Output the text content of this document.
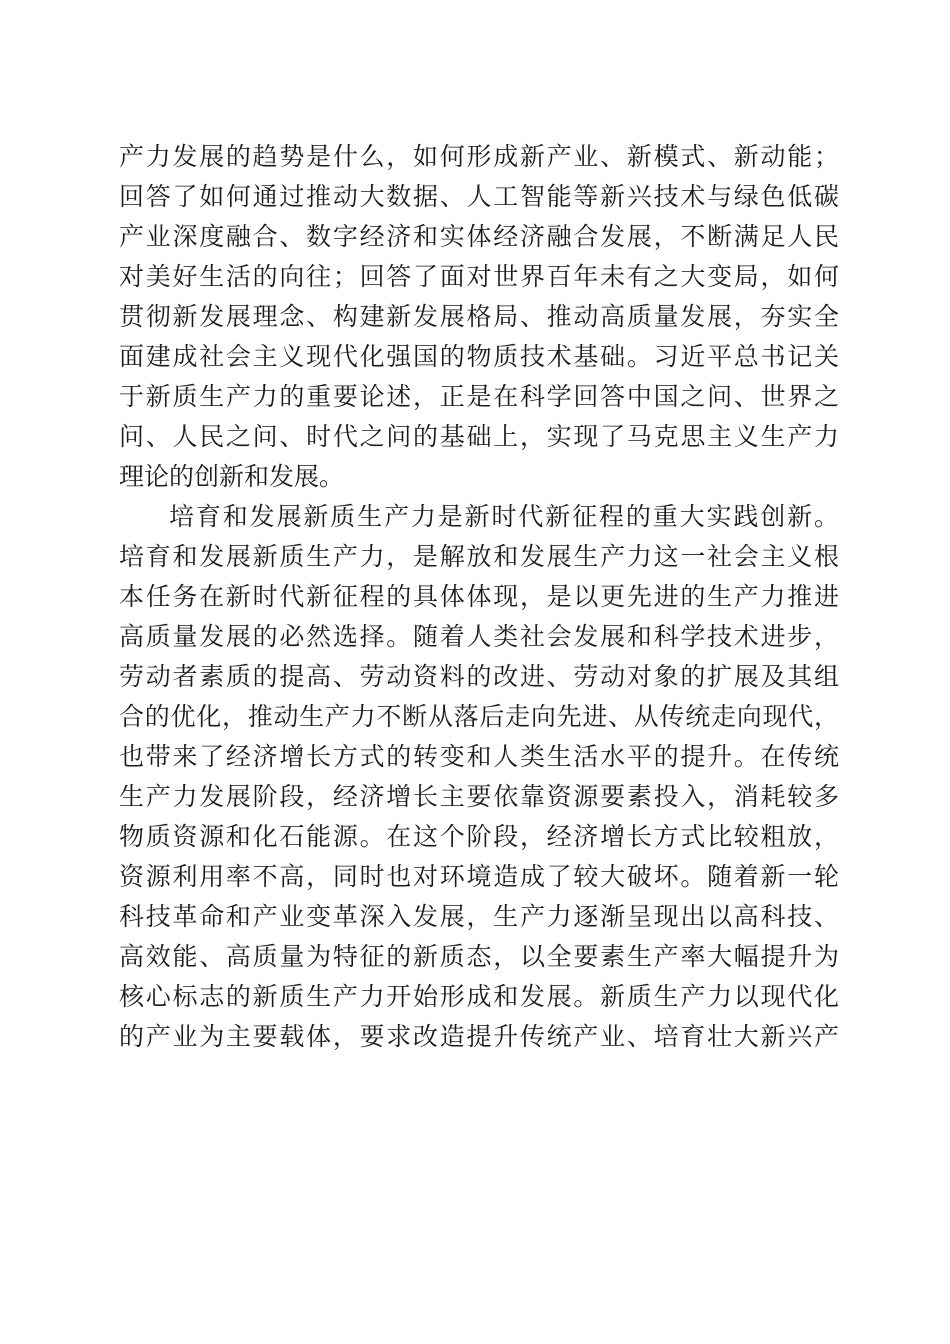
产力发展的趋势是什么，如何形成新产业、新模式、新动能；
回答了如何通过推动大数据、人工智能等新兴技术与绿色低碳
产业深度融合、数字经济和实体经济融合发展，不断满足人民
对美好生活的向往；回答了面对世界百年未有之大变局，如何
贯彻新发展理念、构建新发展格局、推动高质量发展，夯实全
面建成社会主义现代化强国的物质技术基础。习近平总书记关
于新质生产力的重要论述，正是在科学回答中国之问、世界之
问、人民之问、时代之问的基础上，实现了马克思主义生产力
理论的创新和发展。
培育和发展新质生产力是新时代新征程的重大实践创新。
培育和发展新质生产力，是解放和发展生产力这一社会主义根
本任务在新时代新征程的具体体现，是以更先进的生产力推进
高质量发展的必然选择。随着人类社会发展和科学技术进步，
劳动者素质的提高、劳动资料的改进、劳动对象的扩展及其组
合的优化，推动生产力不断从落后走向先进、从传统走向现代，
也带来了经济增长方式的转变和人类生活水平的提升。在传统
生产力发展阶段，经济增长主要依靠资源要素投入，消耗较多
物质资源和化石能源。在这个阶段，经济增长方式比较粗放，
资源利用率不高，同时也对环境造成了较大破坏。随着新一轮
科技革命和产业变革深入发展，生产力逐渐呈现出以高科技、
高效能、高质量为特征的新质态，以全要素生产率大幅提升为
核心标志的新质生产力开始形成和发展。新质生产力以现代化
的产业为主要载体，要求改造提升传统产业、培育壮大新兴产
